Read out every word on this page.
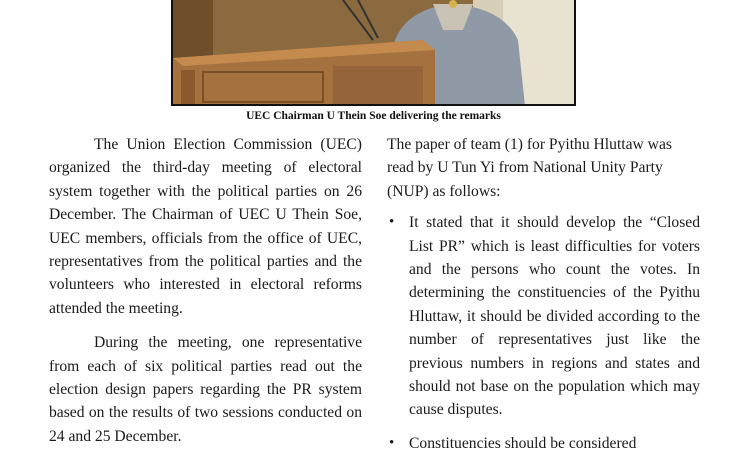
UEC Chairman U Thein Soe delivering the remarks

The Union Election Commission (UEC) organized the third-day meeting of electoral system together with the political parties on 26 December. The Chairman of UEC U Thein Soe, UEC members, officials from the office of UEC, representatives from the political parties and the volunteers who interested in electoral reforms attended the meeting.

During the meeting, one representative from each of six political parties read out the election design papers regarding the PR system based on the results of two sessions conducted on 24 and 25 December.

The paper of team (1) for Pyithu Hluttaw was read by U Tun Yi from National Unity Party (NUP) as follows:

• It stated that it should develop the “Closed List PR” which is least difficulties for voters and the persons who count the votes. In determining the constituencies of the Pyithu Hluttaw, it should be divided according to the number of representatives just like the previous numbers in regions and states and should not base on the population which may cause disputes.
• Constituencies should be considered
